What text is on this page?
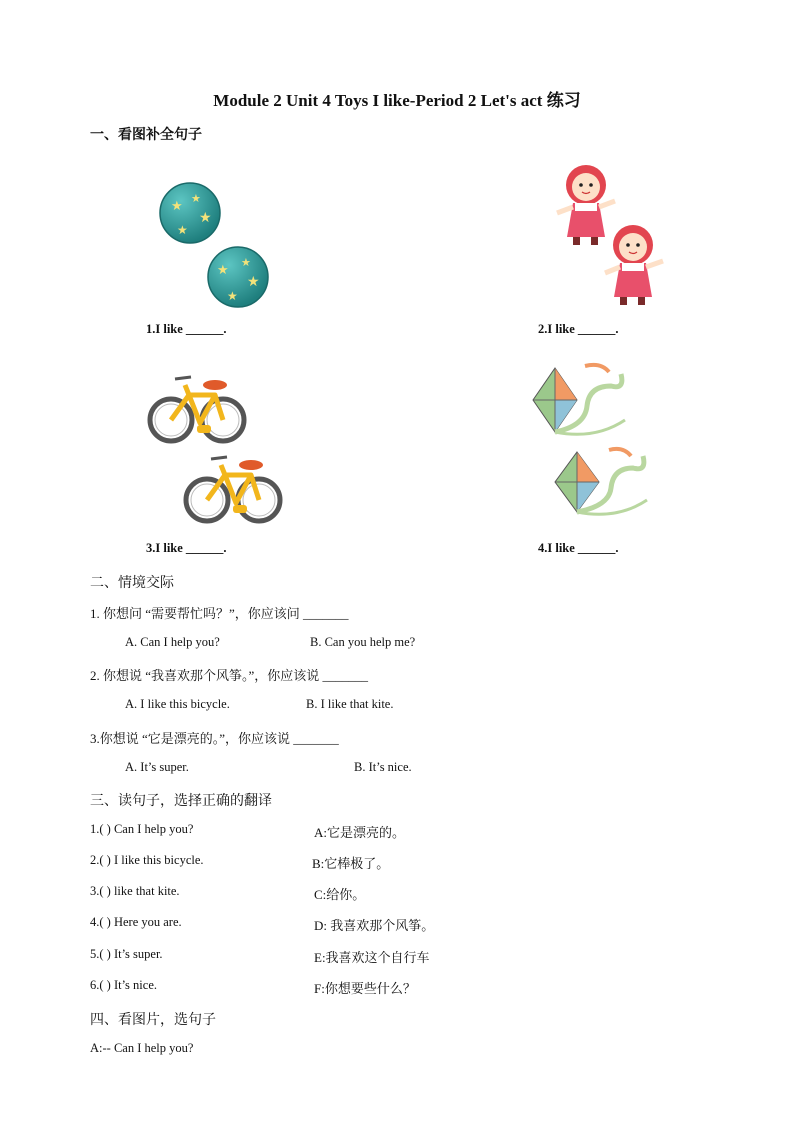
Module 2 Unit 4 Toys I like-Period 2 Let's act 练习
一、看图补全句子
★ ★
★
★
★ ★
★
★
1.I like ______.	2.I like ______.
3.I like ______.	4.I like ______.
二、情境交际
1. 你想问 “需要帮忙吗？”，你应该问 _______
A. Can I help you?	B. Can you help me?
2. 你想说 “我喜欢那个风筝。”，你应该说 _______
A. I like this bicycle.	B. I like that kite.
3.你想说 “它是漂亮的。”，你应该说 _______
A. It’s super.	B. It’s nice.
三、读句子，选择正确的翻译
1.( ) Can I help you?	A:它是漂亮的。
2.( ) I like this bicycle.	B:它棒极了。
3.( ) like that kite.	C:给你。
4.( ) Here you are.	D: 我喜欢那个风筝。
5.( ) It’s super.	E:我喜欢这个自行车
6.( ) It’s nice.	F:你想要些什么？
四、看图片，选句子
A:-- Can I help you?
